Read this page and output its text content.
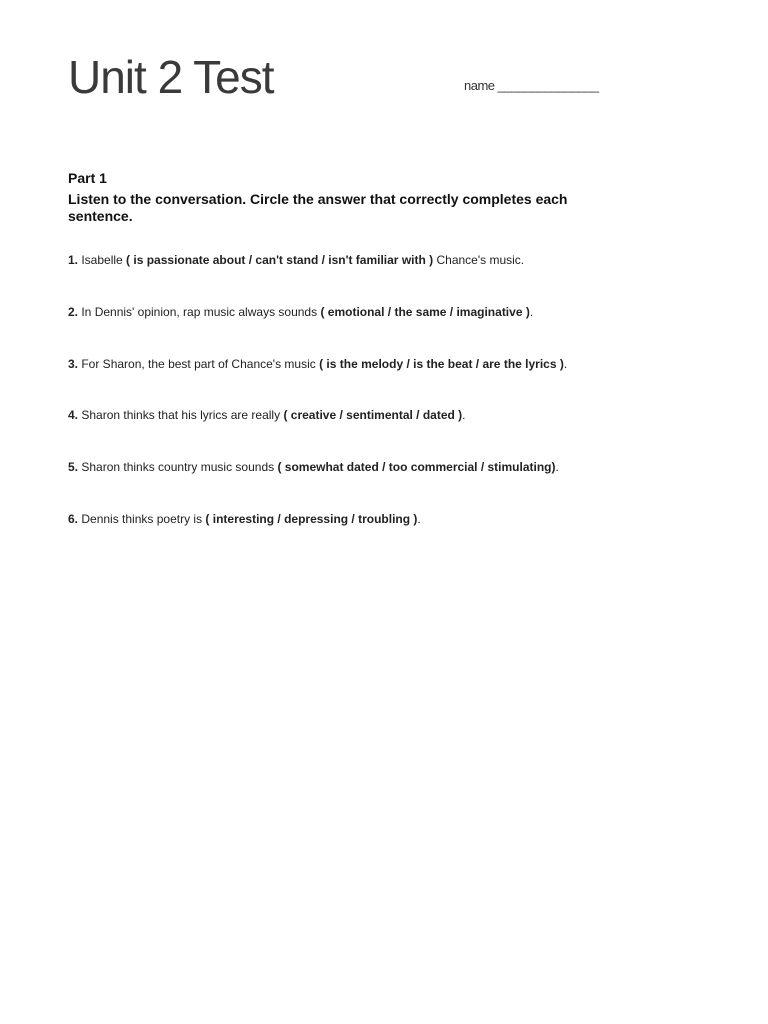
Unit 2 Test	name _______________
Part 1
Listen to the conversation. Circle the answer that correctly completes each sentence.
1. Isabelle ( is passionate about / can't stand / isn't familiar with ) Chance's music.
2. In Dennis' opinion, rap music always sounds ( emotional / the same / imaginative ).
3. For Sharon, the best part of Chance's music ( is the melody / is the beat / are the lyrics ).
4. Sharon thinks that his lyrics are really ( creative / sentimental / dated ).
5. Sharon thinks country music sounds ( somewhat dated / too commercial / stimulating).
6. Dennis thinks poetry is ( interesting / depressing / troubling ).
